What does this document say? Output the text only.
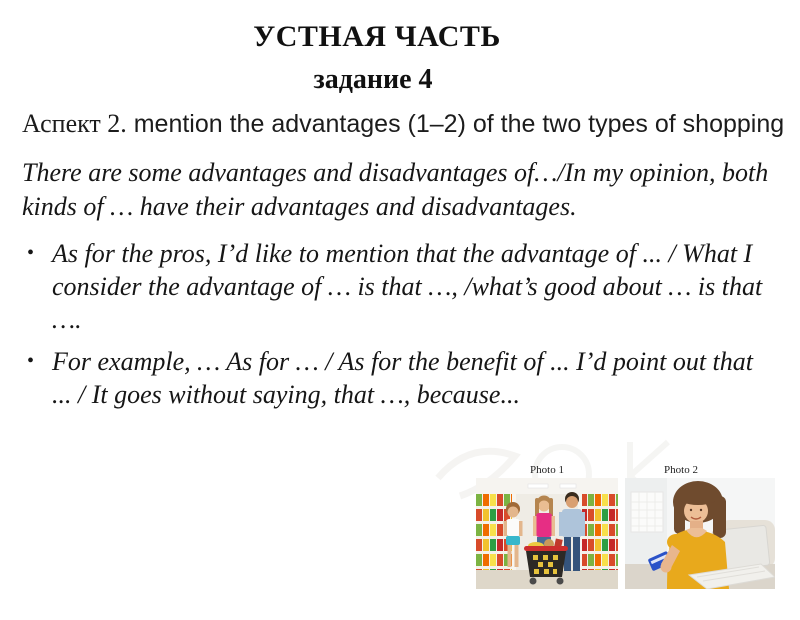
УСТНАЯ ЧАСТЬ
задание 4

Аспект 2. mention the advantages (1–2) of the two types of shopping

There are some advantages and disadvantages of…/In my opinion, both kinds of … have their advantages and disadvantages.

• As for the pros, I’d like to mention that the advantage of ... / What I consider the advantage of … is that …, /what’s good about … is that ….
• For example, … As for … / As for the benefit of ... I’d point out that ... / It goes without saying, that …, because...
Photo 1	Photo 2
